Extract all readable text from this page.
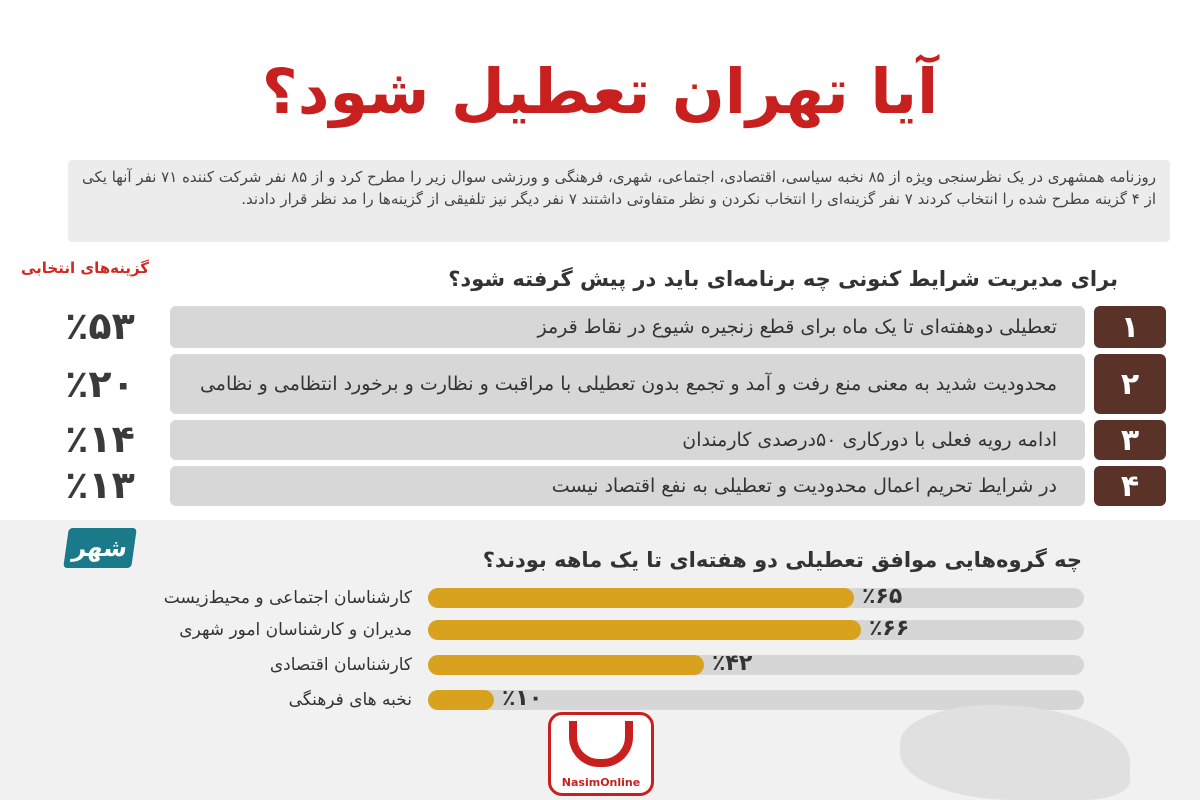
آیا تهران تعطیل شود؟
روزنامه همشهری در یک نظرسنجی ویژه از ۸۵ نخبه سیاسی، اقتصادی، اجتماعی، شهری، فرهنگی و ورزشی سوال زیر را مطرح کرد و از ۸۵ نفر شرکت کننده ۷۱ نفر آنها یکی از ۴ گزینه مطرح شده را انتخاب کردند ۷ نفر گزینه‌ای را انتخاب نکردن و نظر متفاوتی داشتند ۷ نفر دیگر نیز تلفیقی از گزینه‌ها را مد نظر قرار دادند.
گزینه‌های انتخابی	برای مدیریت شرایط کنونی چه برنامه‌ای باید در پیش گرفته شود؟
٪۵۳	تعطیلی دوهفته‌ای تا یک ماه برای قطع زنجیره شیوع در نقاط قرمز	۱
٪۲۰	محدودیت شدید به معنی منع رفت و آمد و تجمع بدون تعطیلی با مراقبت و نظارت و برخورد انتظامی و نظامی	۲
٪۱۴	ادامه رویه فعلی با دورکاری ۵۰درصدی کارمندان	۳
٪۱۳	در شرایط تحریم اعمال محدودیت و تعطیلی به نفع اقتصاد نیست	۴
شهر	چه گروه‌هایی موافق تعطیلی دو هفته‌ای تا یک ماهه بودند؟
کارشناسان اجتماعی و محیط‌زیست	٪۶۵
مدیران و کارشناسان امور شهری	٪۶۶
کارشناسان اقتصادی	٪۴۲
نخبه های فرهنگی	٪۱۰
NasimOnline
